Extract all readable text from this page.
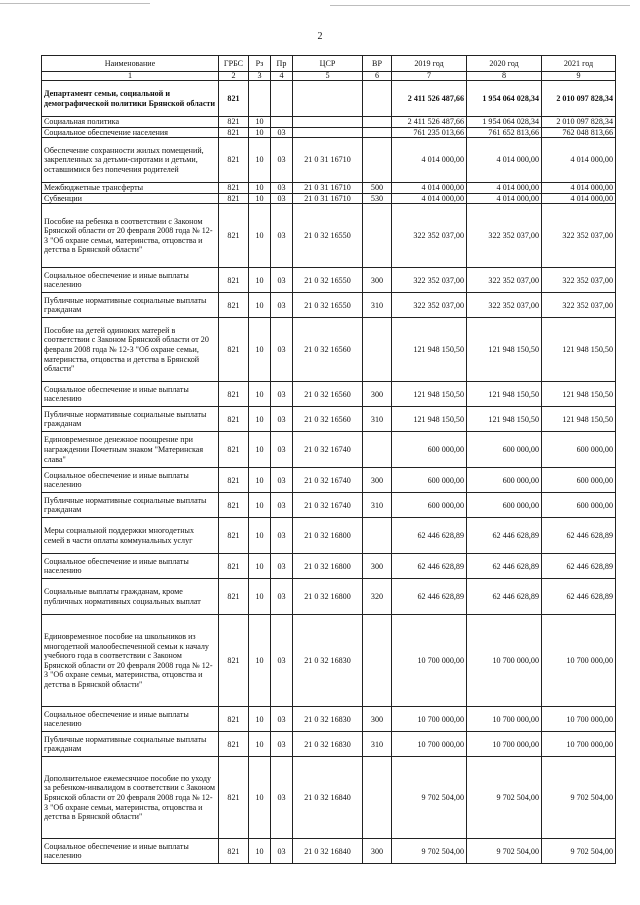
2
Наименование	ГРБС	Рз	Пр	ЦСР	ВР	2019 год	2020 год	2021 год
1	2	3	4	5	6	7	8	9
Департамент семьи, социальной и демографической политики Брянской области	821					2 411 526 487,66	1 954 064 028,34	2 010 097 828,34
Социальная политика	821	10				2 411 526 487,66	1 954 064 028,34	2 010 097 828,34
Социальное обеспечение населения	821	10	03			761 235 013,66	761 652 813,66	762 048 813,66
Обеспечение сохранности жилых помещений, закрепленных за детьми-сиротами и детьми, оставшимися без попечения родителей	821	10	03	21 0 31 16710		4 014 000,00	4 014 000,00	4 014 000,00
Межбюджетные трансферты	821	10	03	21 0 31 16710	500	4 014 000,00	4 014 000,00	4 014 000,00
Субвенции	821	10	03	21 0 31 16710	530	4 014 000,00	4 014 000,00	4 014 000,00
Пособие на ребенка в соответствии с Законом Брянской области от 20 февраля 2008 года № 12-З "Об охране семьи, материнства, отцовства и детства в Брянской области"	821	10	03	21 0 32 16550		322 352 037,00	322 352 037,00	322 352 037,00
Социальное обеспечение и иные выплаты населению	821	10	03	21 0 32 16550	300	322 352 037,00	322 352 037,00	322 352 037,00
Публичные нормативные социальные выплаты гражданам	821	10	03	21 0 32 16550	310	322 352 037,00	322 352 037,00	322 352 037,00
Пособие на детей одиноких матерей в соответствии с Законом Брянской области от 20 февраля 2008 года № 12-З "Об охране семьи, материнства, отцовства и детства в Брянской области"	821	10	03	21 0 32 16560		121 948 150,50	121 948 150,50	121 948 150,50
Социальное обеспечение и иные выплаты населению	821	10	03	21 0 32 16560	300	121 948 150,50	121 948 150,50	121 948 150,50
Публичные нормативные социальные выплаты гражданам	821	10	03	21 0 32 16560	310	121 948 150,50	121 948 150,50	121 948 150,50
Единовременное денежное поощрение при награждении Почетным знаком "Материнская слава"	821	10	03	21 0 32 16740		600 000,00	600 000,00	600 000,00
Социальное обеспечение и иные выплаты населению	821	10	03	21 0 32 16740	300	600 000,00	600 000,00	600 000,00
Публичные нормативные социальные выплаты гражданам	821	10	03	21 0 32 16740	310	600 000,00	600 000,00	600 000,00
Меры социальной поддержки многодетных семей в части оплаты коммунальных услуг	821	10	03	21 0 32 16800		62 446 628,89	62 446 628,89	62 446 628,89
Социальное обеспечение и иные выплаты населению	821	10	03	21 0 32 16800	300	62 446 628,89	62 446 628,89	62 446 628,89
Социальные выплаты гражданам, кроме публичных нормативных социальных выплат	821	10	03	21 0 32 16800	320	62 446 628,89	62 446 628,89	62 446 628,89
Единовременное пособие на школьников из многодетной малообеспеченной семьи к началу учебного года в соответствии с Законом Брянской области от 20 февраля 2008 года № 12-З "Об охране семьи, материнства, отцовства и детства в Брянской области"	821	10	03	21 0 32 16830		10 700 000,00	10 700 000,00	10 700 000,00
Социальное обеспечение и иные выплаты населению	821	10	03	21 0 32 16830	300	10 700 000,00	10 700 000,00	10 700 000,00
Публичные нормативные социальные выплаты гражданам	821	10	03	21 0 32 16830	310	10 700 000,00	10 700 000,00	10 700 000,00
Дополнительное ежемесячное пособие по уходу за ребенком-инвалидом в соответствии с Законом Брянской области от 20 февраля 2008 года № 12-З "Об охране семьи, материнства, отцовства и детства в Брянской области"	821	10	03	21 0 32 16840		9 702 504,00	9 702 504,00	9 702 504,00
Социальное обеспечение и иные выплаты населению	821	10	03	21 0 32 16840	300	9 702 504,00	9 702 504,00	9 702 504,00
